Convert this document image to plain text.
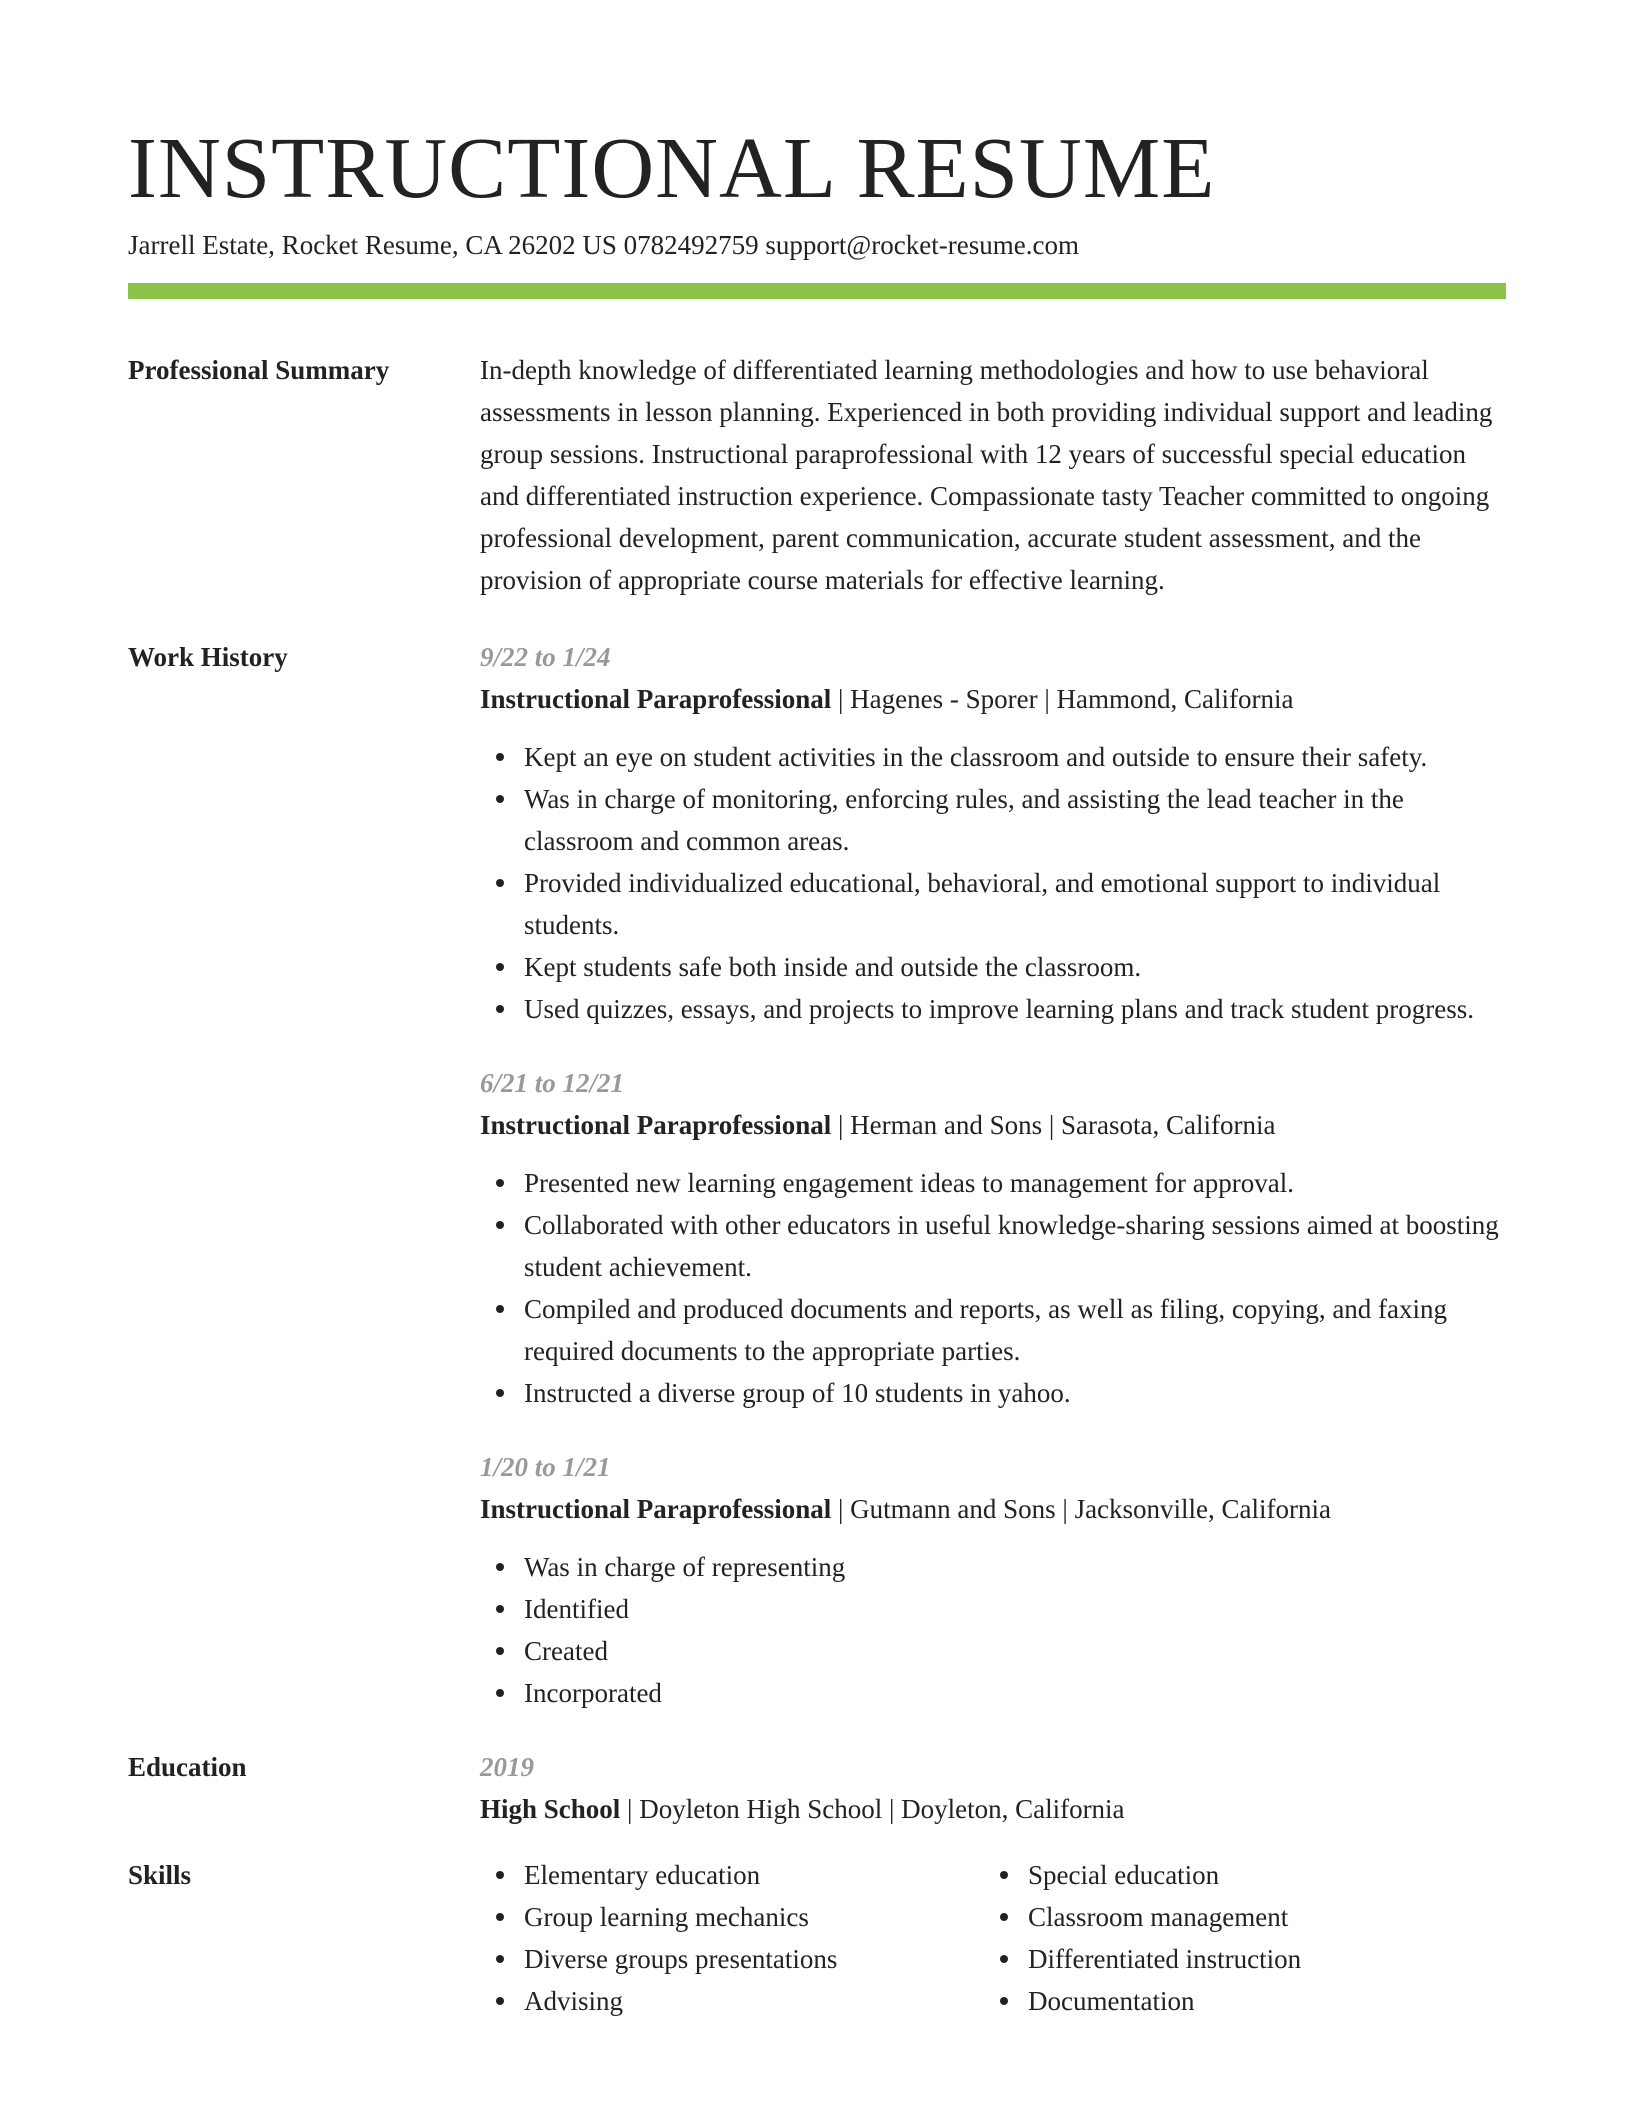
INSTRUCTIONAL RESUME
Jarrell Estate, Rocket Resume, CA 26202 US 0782492759 support@rocket-resume.com
Professional Summary	In-depth knowledge of differentiated learning methodologies and how to use behavioral assessments in lesson planning. Experienced in both providing individual support and leading group sessions. Instructional paraprofessional with 12 years of successful special education and differentiated instruction experience. Compassionate tasty Teacher committed to ongoing professional development, parent communication, accurate student assessment, and the provision of appropriate course materials for effective learning.

Work History	9/22 to 1/24
Instructional Paraprofessional | Hagenes - Sporer | Hammond, California
Kept an eye on student activities in the classroom and outside to ensure their safety.
Was in charge of monitoring, enforcing rules, and assisting the lead teacher in the classroom and common areas.
Provided individualized educational, behavioral, and emotional support to individual students.
Kept students safe both inside and outside the classroom.
Used quizzes, essays, and projects to improve learning plans and track student progress.
6/21 to 12/21
Instructional Paraprofessional | Herman and Sons | Sarasota, California
Presented new learning engagement ideas to management for approval.
Collaborated with other educators in useful knowledge-sharing sessions aimed at boosting student achievement.
Compiled and produced documents and reports, as well as filing, copying, and faxing required documents to the appropriate parties.
Instructed a diverse group of 10 students in yahoo.
1/20 to 1/21
Instructional Paraprofessional | Gutmann and Sons | Jacksonville, California
Was in charge of representing
Identified
Created
Incorporated
Education	2019
High School | Doyleton High School | Doyleton, California
Skills	Elementary education
Group learning mechanics
Diverse groups presentations
Advising
Special education
Classroom management
Differentiated instruction
Documentation
